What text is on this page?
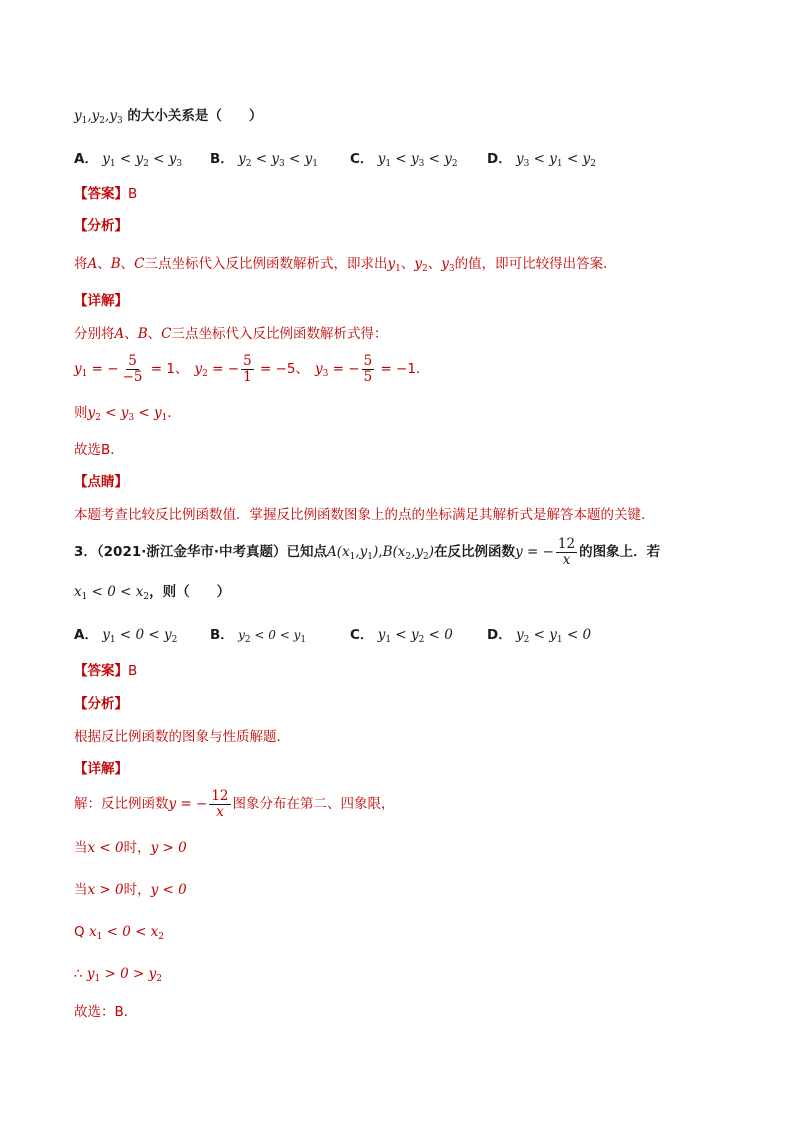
$y_1,y_2,y_3$ 的大小关系是（　　）
A． $y_1 < y_2 < y_3$ B． $y_2 < y_3 < y_1$ C． $y_1 < y_3 < y_2$ D． $y_3 < y_1 < y_2$
【答案】B
【分析】
将A、B、C三点坐标代入反比例函数解析式，即求出$y_1$、$y_2$、$y_3$的值，即可比较得出答案．
【详解】
分别将A、B、C三点坐标代入反比例函数解析式得：
$y_1$ = − $\frac{5}{-5} = 1$、 $y_2$ = − $\frac{5}{1} = -5$、 $y_3$ = − $\frac{5}{5} = -1$．
则$y_2 < y_3 < y_1$．
故选B．
【点睛】
本题考查比较反比例函数值．掌握反比例函数图象上的点的坐标满足其解析式是解答本题的关键．
3．（2021·浙江金华市·中考真题）已知点$A(x_1,y_1),B(x_2,y_2)$在反比例函数y = − $\frac{12}{x}$ 的图象上．若
$x_1 < 0 < x_2$，则（　　）
A． $y_1 < 0 < y_2$ B． $y_2 < 0 < y_1$	C． $y_1 < y_2 < 0$	D． $y_2 < y_1 < 0$
【答案】B
【分析】
根据反比例函数的图象与性质解题．
【详解】
解：反比例函数y = − $\frac{12}{x}$ 图象分布在第二、四象限，
当x < 0时，y > 0
当x > 0时，y < 0
Q $x_1 < 0 < x_2$
∴ $y_1 > 0 > y_2$
故选：B．
